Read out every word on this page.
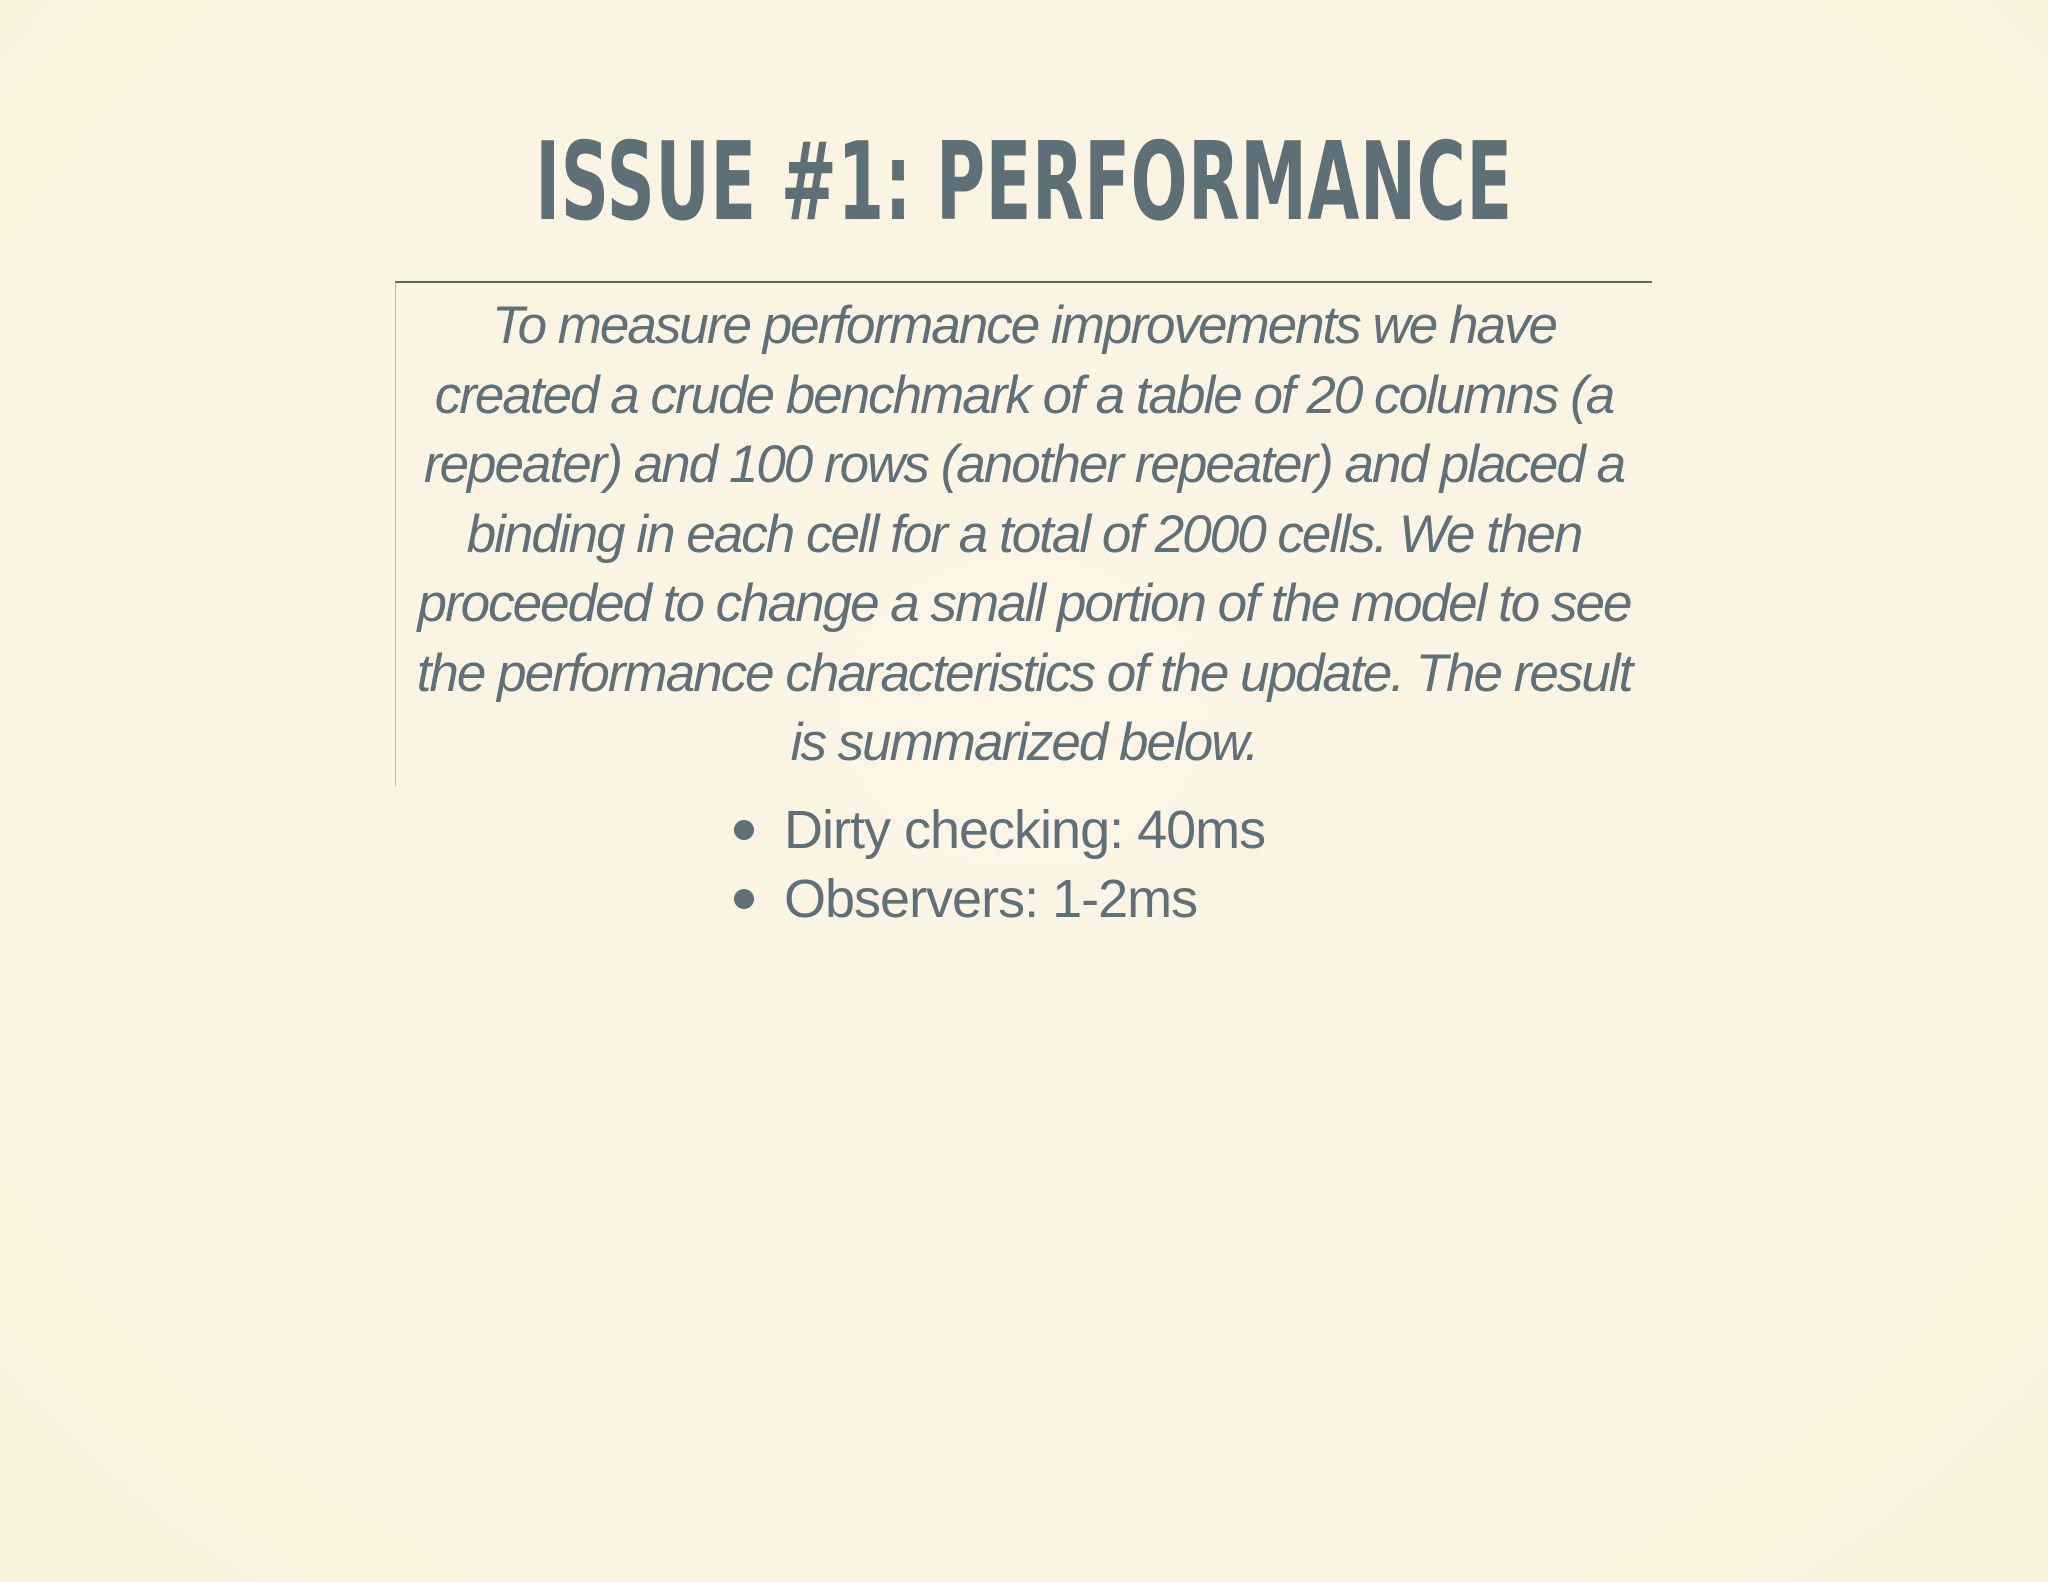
ISSUE #1: PERFORMANCE

To measure performance improvements we have created a crude benchmark of a table of 20 columns (a repeater) and 100 rows (another repeater) and placed a binding in each cell for a total of 2000 cells. We then proceeded to change a small portion of the model to see the performance characteristics of the update. The result is summarized below.

Dirty checking: 40ms
Observers: 1-2ms
